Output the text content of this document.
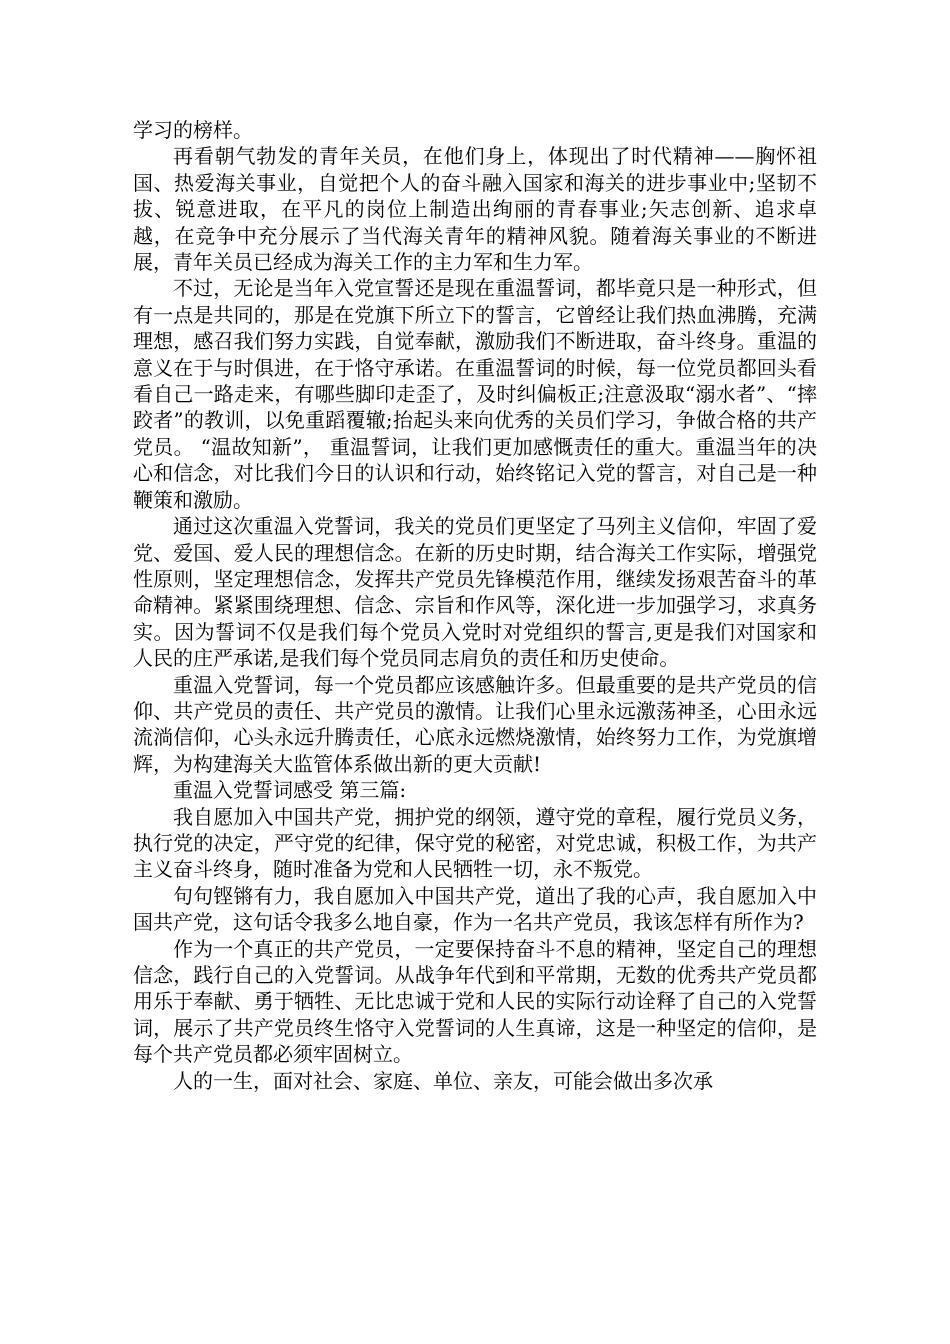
学习的榜样。

再看朝气勃发的青年关员，在他们身上，体现出了时代精神——胸怀祖国、热爱海关事业，自觉把个人的奋斗融入国家和海关的进步事业中;坚韧不拔、锐意进取，在平凡的岗位上制造出绚丽的青春事业;矢志创新、追求卓越，在竞争中充分展示了当代海关青年的精神风貌。随着海关事业的不断进展，青年关员已经成为海关工作的主力军和生力军。

不过，无论是当年入党宣誓还是现在重温誓词，都毕竟只是一种形式，但有一点是共同的，那是在党旗下所立下的誓言，它曾经让我们热血沸腾，充满理想，感召我们努力实践，自觉奉献，激励我们不断进取，奋斗终身。重温的意义在于与时俱进，在于恪守承诺。在重温誓词的时候，每一位党员都回头看看自己一路走来，有哪些脚印走歪了，及时纠偏板正;注意汲取“溺水者”、“摔跤者”的教训，以免重蹈覆辙;抬起头来向优秀的关员们学习，争做合格的共产党员。 “温故知新”， 重温誓词，让我们更加感慨责任的重大。重温当年的决心和信念，对比我们今日的认识和行动，始终铭记入党的誓言，对自己是一种鞭策和激励。

通过这次重温入党誓词，我关的党员们更坚定了马列主义信仰，牢固了爱党、爱国、爱人民的理想信念。在新的历史时期，结合海关工作实际，增强党性原则，坚定理想信念，发挥共产党员先锋模范作用，继续发扬艰苦奋斗的革命精神。紧紧围绕理想、信念、宗旨和作风等，深化进一步加强学习，求真务实。因为誓词不仅是我们每个党员入党时对党组织的誓言,更是我们对国家和人民的庄严承诺,是我们每个党员同志肩负的责任和历史使命。

重温入党誓词，每一个党员都应该感触许多。但最重要的是共产党员的信仰、共产党员的责任、共产党员的激情。让我们心里永远激荡神圣，心田永远流淌信仰，心头永远升腾责任，心底永远燃烧激情，始终努力工作，为党旗增辉，为构建海关大监管体系做出新的更大贡献!

重温入党誓词感受 第三篇:

我自愿加入中国共产党，拥护党的纲领，遵守党的章程，履行党员义务，执行党的决定，严守党的纪律，保守党的秘密，对党忠诚，积极工作，为共产主义奋斗终身，随时准备为党和人民牺牲一切，永不叛党。

句句铿锵有力，我自愿加入中国共产党，道出了我的心声，我自愿加入中国共产党，这句话令我多么地自豪，作为一名共产党员，我该怎样有所作为?

作为一个真正的共产党员，一定要保持奋斗不息的精神，坚定自己的理想信念，践行自己的入党誓词。从战争年代到和平常期，无数的优秀共产党员都用乐于奉献、勇于牺牲、无比忠诚于党和人民的实际行动诠释了自己的入党誓词，展示了共产党员终生恪守入党誓词的人生真谛，这是一种坚定的信仰，是每个共产党员都必须牢固树立。

人的一生，面对社会、家庭、单位、亲友，可能会做出多次承
